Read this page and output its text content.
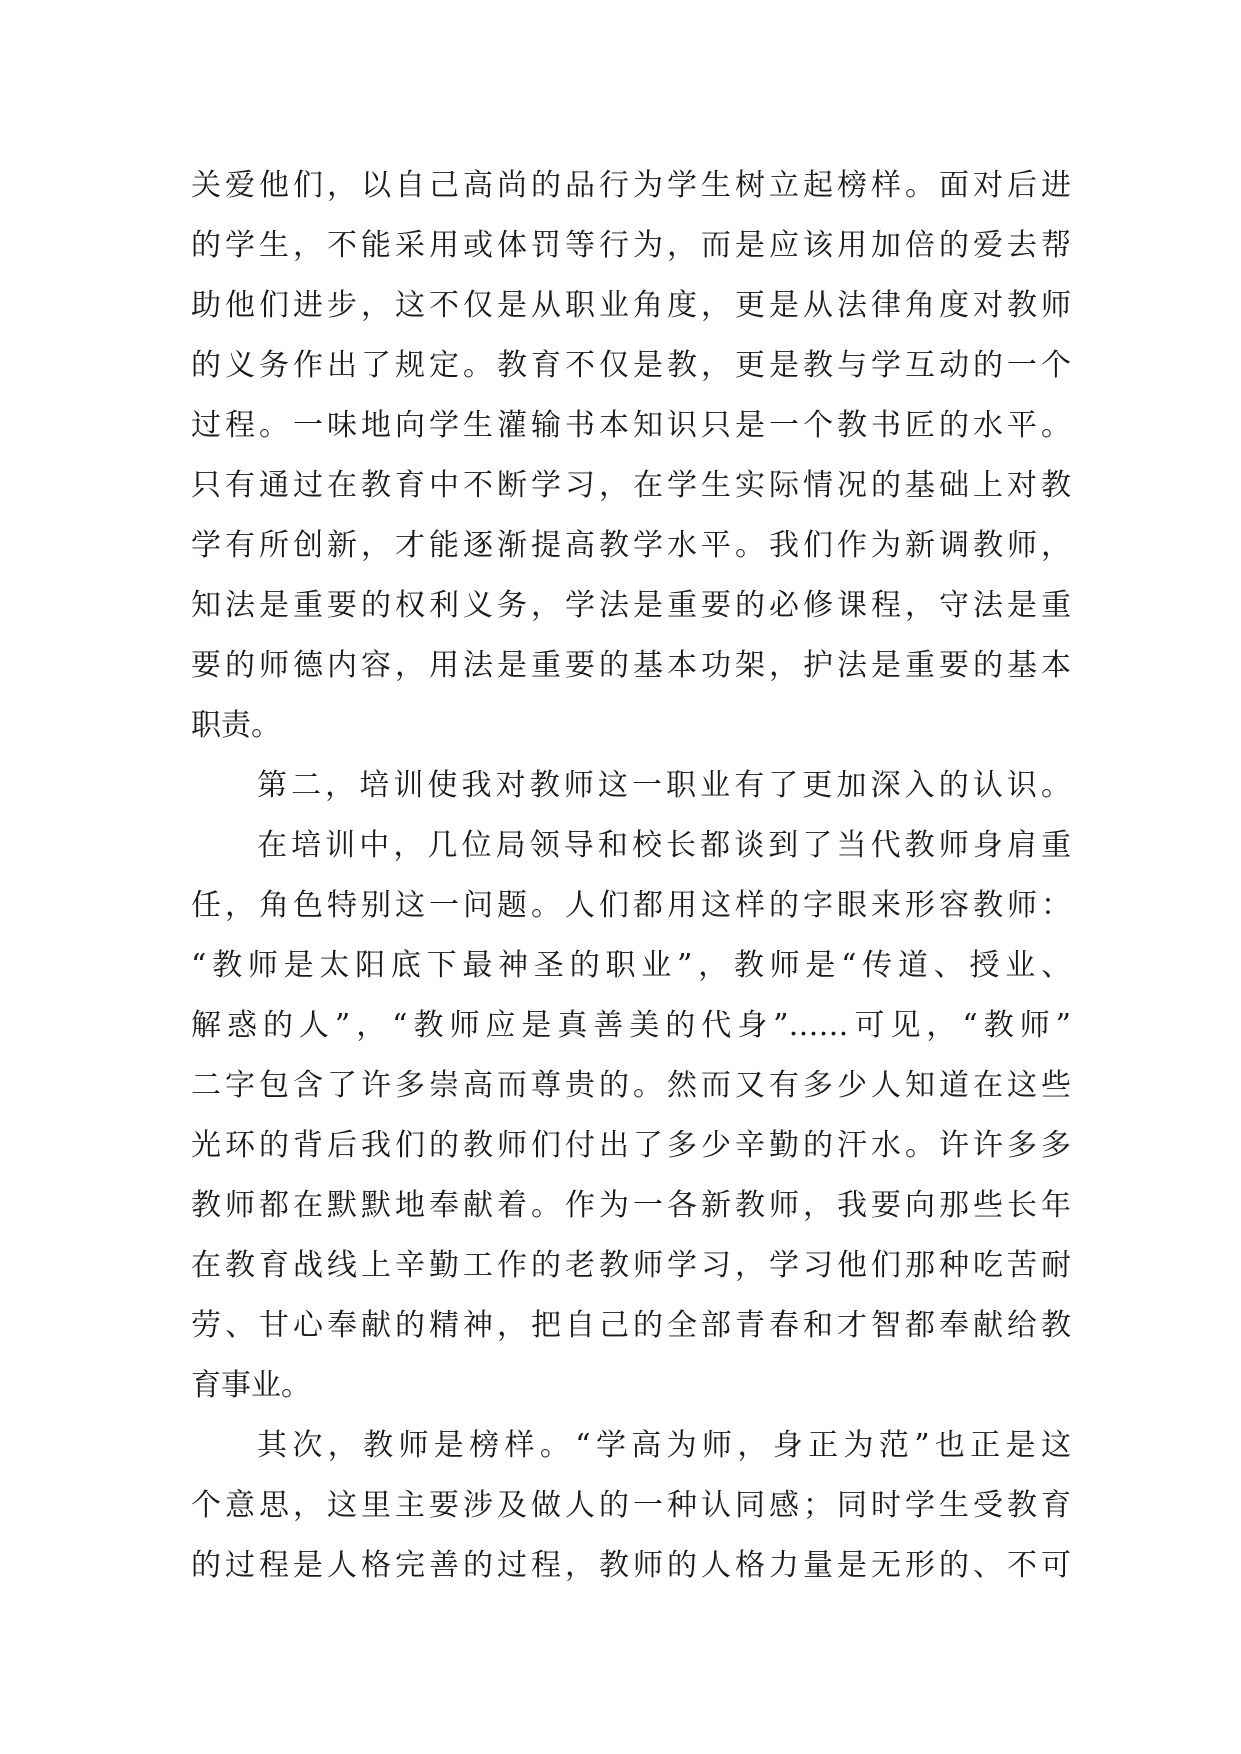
关爱他们，以自己高尚的品行为学生树立起榜样。面对后进
的学生，不能采用或体罚等行为，而是应该用加倍的爱去帮
助他们进步，这不仅是从职业角度，更是从法律角度对教师
的义务作出了规定。教育不仅是教，更是教与学互动的一个
过程。一味地向学生灌输书本知识只是一个教书匠的水平。
只有通过在教育中不断学习，在学生实际情况的基础上对教
学有所创新，才能逐渐提高教学水平。我们作为新调教师，
知法是重要的权利义务，学法是重要的必修课程，守法是重
要的师德内容，用法是重要的基本功架，护法是重要的基本
职责。
第二，培训使我对教师这一职业有了更加深入的认识。
在培训中，几位局领导和校长都谈到了当代教师身肩重
任，角色特别这一问题。人们都用这样的字眼来形容教师：
“教师是太阳底下最神圣的职业”，教师是“传道、授业、
解惑的人”，“教师应是真善美的代身”……可见，“教师”
二字包含了许多崇高而尊贵的。然而又有多少人知道在这些
光环的背后我们的教师们付出了多少辛勤的汗水。许许多多
教师都在默默地奉献着。作为一各新教师，我要向那些长年
在教育战线上辛勤工作的老教师学习，学习他们那种吃苦耐
劳、甘心奉献的精神，把自己的全部青春和才智都奉献给教
育事业。
其次，教师是榜样。“学高为师，身正为范”也正是这
个意思，这里主要涉及做人的一种认同感；同时学生受教育
的过程是人格完善的过程，教师的人格力量是无形的、不可
